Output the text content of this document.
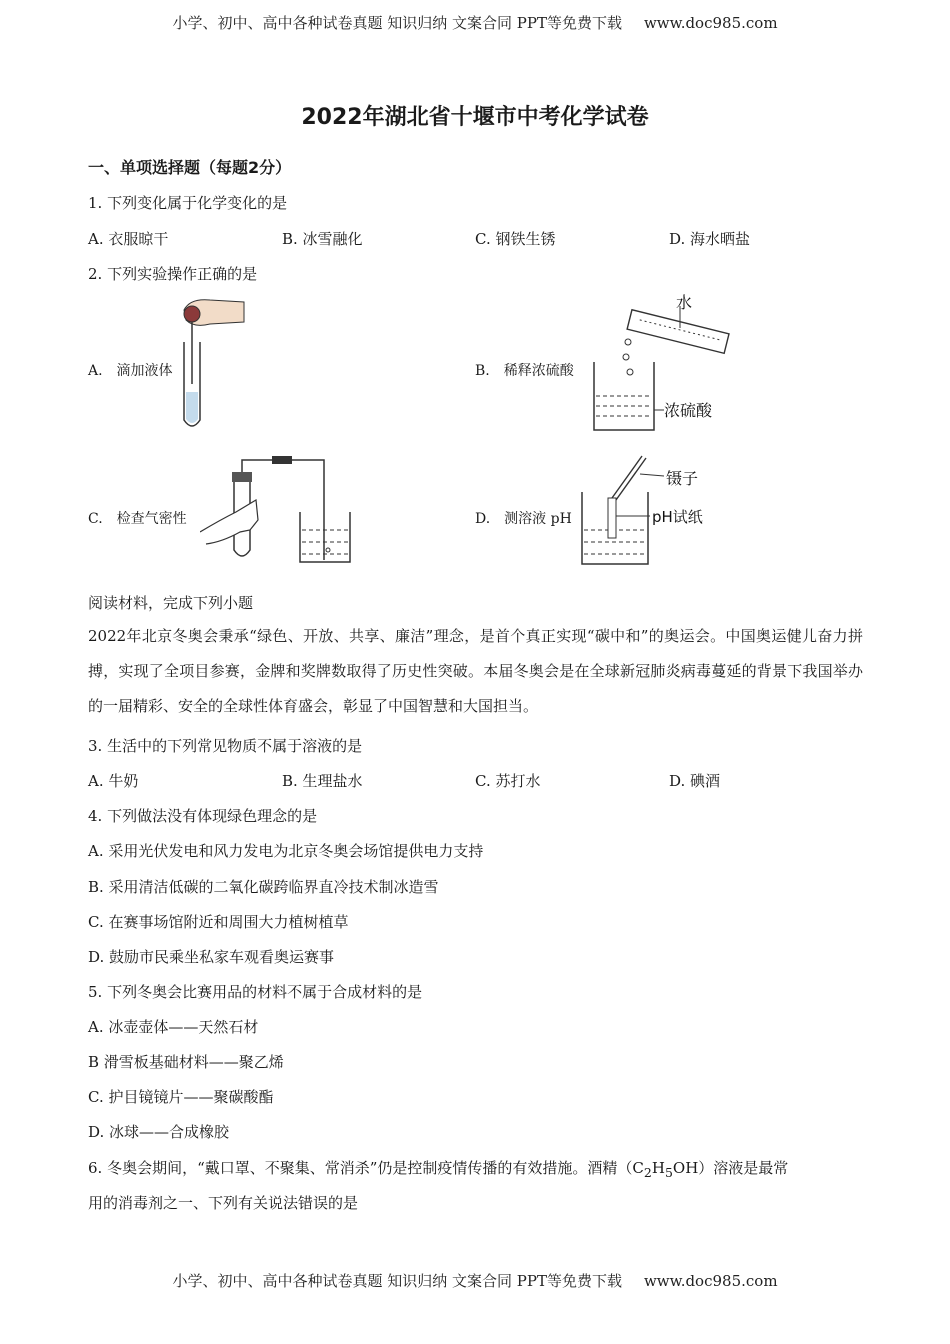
小学、初中、高中各种试卷真题 知识归纳 文案合同 PPT等免费下载 www.doc985.com
2022年湖北省十堰市中考化学试卷
一、单项选择题（每题2分）
1. 下列变化属于化学变化的是
A. 衣服晾干	B. 冰雪融化	C. 钢铁生锈	D. 海水晒盐
2. 下列实验操作正确的是
A.　滴加液体	B.　稀释浓硫酸
水
浓硫酸
C.　检查气密性	D.　测溶液 pH
镊子
pH试纸
阅读材料，完成下列小题
2022年北京冬奥会秉承“绿色、开放、共享、廉洁”理念，是首个真正实现“碳中和”的奥运会。中国奥运健儿奋力拼搏，实现了全项目参赛，金牌和奖牌数取得了历史性突破。本届冬奥会是在全球新冠肺炎病毒蔓延的背景下我国举办的一届精彩、安全的全球性体育盛会，彰显了中国智慧和大国担当。
3. 生活中的下列常见物质不属于溶液的是
A. 牛奶	B. 生理盐水	C. 苏打水	D. 碘酒
4. 下列做法没有体现绿色理念的是
A. 采用光伏发电和风力发电为北京冬奥会场馆提供电力支持
B. 采用清洁低碳的二氧化碳跨临界直冷技术制冰造雪
C. 在赛事场馆附近和周围大力植树植草
D. 鼓励市民乘坐私家车观看奥运赛事
5. 下列冬奥会比赛用品的材料不属于合成材料的是
A. 冰壶壶体——天然石材
B 滑雪板基础材料——聚乙烯
C. 护目镜镜片——聚碳酸酯
D. 冰球——合成橡胶
6. 冬奥会期间，“戴口罩、不聚集、常消杀”仍是控制疫情传播的有效措施。酒精$(C_2H_5OH)$溶液是最常
用的消毒剂之一、下列有关说法错误的是
小学、初中、高中各种试卷真题 知识归纳 文案合同 PPT等免费下载 www.doc985.com
